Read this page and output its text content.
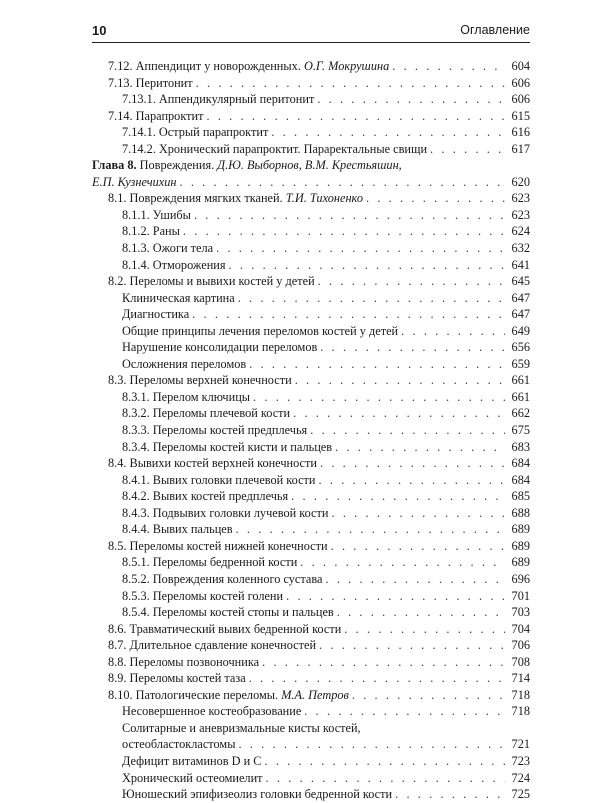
10	Оглавление
7.12. Аппендицит у новорожденных. О.Г. Мокрушина . . .	604
7.13. Перитонит . . .	606
7.13.1. Аппендикулярный перитонит . . .	606
7.14. Парапроктит . . .	615
7.14.1. Острый парапроктит . . .	616
7.14.2. Хронический парапроктит. Параректальные свищи . . .	617
Глава 8. Повреждения. Д.Ю. Выборнов, В.М. Крестьяшин,
Е.П. Кузнечихин . . .	620
8.1. Повреждения мягких тканей. Т.И. Тихоненко . . .	623
8.1.1. Ушибы . . .	623
8.1.2. Раны . . .	624
8.1.3. Ожоги тела . . .	632
8.1.4. Отморожения . . .	641
8.2. Переломы и вывихи костей у детей . . .	645
Клиническая картина . . .	647
Диагностика . . .	647
Общие принципы лечения переломов костей у детей . . .	649
Нарушение консолидации переломов . . .	656
Осложнения переломов . . .	659
8.3. Переломы верхней конечности . . .	661
8.3.1. Перелом ключицы . . .	661
8.3.2. Переломы плечевой кости . . .	662
8.3.3. Переломы костей предплечья . . .	675
8.3.4. Переломы костей кисти и пальцев . . .	683
8.4. Вывихи костей верхней конечности . . .	684
8.4.1. Вывих головки плечевой кости . . .	684
8.4.2. Вывих костей предплечья . . .	685
8.4.3. Подвывих головки лучевой кости . . .	688
8.4.4. Вывих пальцев . . .	689
8.5. Переломы костей нижней конечности . . .	689
8.5.1. Переломы бедренной кости . . .	689
8.5.2. Повреждения коленного сустава . . .	696
8.5.3. Переломы костей голени . . .	701
8.5.4. Переломы костей стопы и пальцев . . .	703
8.6. Травматический вывих бедренной кости . . .	704
8.7. Длительное сдавление конечностей . . .	706
8.8. Переломы позвоночника . . .	708
8.9. Переломы костей таза . . .	714
8.10. Патологические переломы. М.А. Петров . . .	718
Несовершенное костеобразование . . .	718
Солитарные и аневризмальные кисты костей,
остеобластокластомы . . .	721
Дефицит витаминов D и C . . .	723
Хронический остеомиелит . . .	724
Юношеский эпифизеолиз головки бедренной кости . . .	725
